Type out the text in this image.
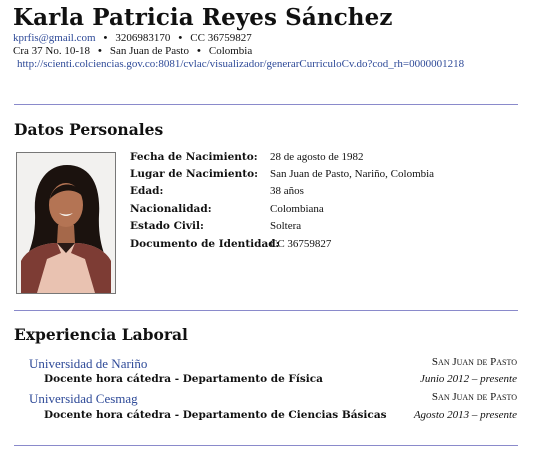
Karla Patricia Reyes Sánchez
kprfis@gmail.com • 3206983170 • CC 36759827
Cra 37 No. 10-18 • San Juan de Pasto • Colombia
http://scienti.colciencias.gov.co:8081/cvlac/visualizador/generarCurriculoCv.do?cod_rh=0000001218
Datos Personales
Fecha de Nacimiento: 28 de agosto de 1982
Lugar de Nacimiento: San Juan de Pasto, Nariño, Colombia
Edad:	38 años
Nacionalidad:	Colombiana
Estado Civil:	Soltera
Documento de Identidad:
CC 36759827
Experiencia Laboral
Universidad de Nariño	San Juan de Pasto
Docente hora cátedra - Departamento de Física	Junio 2012 – presente
Universidad Cesmag	San Juan de Pasto
Docente hora cátedra - Departamento de Ciencias Básicas Agosto 2013 – presente
